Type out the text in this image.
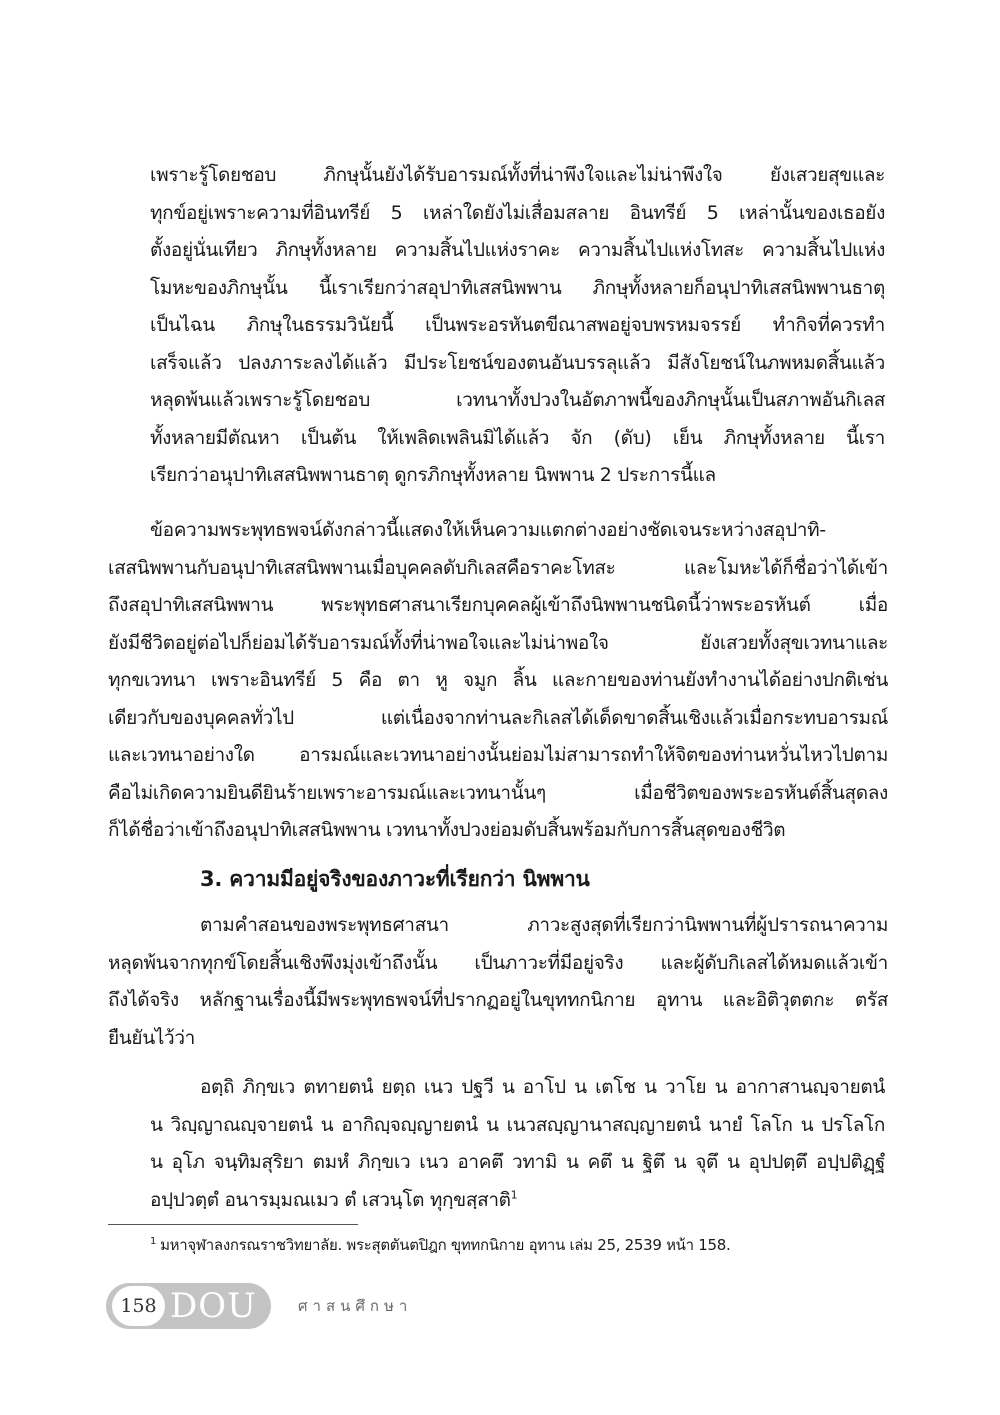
เพราะรู้โดยชอบ ภิกษุนั้นยังได้รับอารมณ์ทั้งที่น่าพึงใจและไม่น่าพึงใจ ยังเสวยสุขและ
ทุกข์อยู่เพราะความที่อินทรีย์ 5 เหล่าใดยังไม่เสื่อมสลาย อินทรีย์ 5 เหล่านั้นของเธอยัง
ตั้งอยู่นั่นเทียว ภิกษุทั้งหลาย ความสิ้นไปแห่งราคะ ความสิ้นไปแห่งโทสะ ความสิ้นไปแห่ง
โมหะของภิกษุนั้น นี้เราเรียกว่าสอุปาทิเสสนิพพาน ภิกษุทั้งหลายก็อนุปาทิเสสนิพพานธาตุ
เป็นไฉน ภิกษุในธรรมวินัยนี้ เป็นพระอรหันตขีณาสพอยู่จบพรหมจรรย์ ทำกิจที่ควรทำ
เสร็จแล้ว ปลงภาระลงได้แล้ว มีประโยชน์ของตนอันบรรลุแล้ว มีสังโยชน์ในภพหมดสิ้นแล้ว
หลุดพ้นแล้วเพราะรู้โดยชอบ เวทนาทั้งปวงในอัตภาพนี้ของภิกษุนั้นเป็นสภาพอันกิเลส
ทั้งหลายมีตัณหา เป็นต้น ให้เพลิดเพลินมิได้แล้ว จัก (ดับ) เย็น ภิกษุทั้งหลาย นี้เรา
เรียกว่าอนุปาทิเสสนิพพานธาตุ ดูกรภิกษุทั้งหลาย นิพพาน 2 ประการนี้แล
ข้อความพระพุทธพจน์ดังกล่าวนี้แสดงให้เห็นความแตกต่างอย่างชัดเจนระหว่างสอุปาทิ-
เสสนิพพานกับอนุปาทิเสสนิพพานเมื่อบุคคลดับกิเลสคือราคะโทสะ และโมหะได้ก็ชื่อว่าได้เข้า
ถึงสอุปาทิเสสนิพพาน พระพุทธศาสนาเรียกบุคคลผู้เข้าถึงนิพพานชนิดนี้ว่าพระอรหันต์ เมื่อ
ยังมีชีวิตอยู่ต่อไปก็ย่อมได้รับอารมณ์ทั้งที่น่าพอใจและไม่น่าพอใจ ยังเสวยทั้งสุขเวทนาและ
ทุกขเวทนา เพราะอินทรีย์ 5 คือ ตา หู จมูก ลิ้น และกายของท่านยังทำงานได้อย่างปกติเช่น
เดียวกับของบุคคลทั่วไป แต่เนื่องจากท่านละกิเลสได้เด็ดขาดสิ้นเชิงแล้วเมื่อกระทบอารมณ์
และเวทนาอย่างใด อารมณ์และเวทนาอย่างนั้นย่อมไม่สามารถทำให้จิตของท่านหวั่นไหวไปตาม
คือไม่เกิดความยินดียินร้ายเพราะอารมณ์และเวทนานั้นๆ เมื่อชีวิตของพระอรหันต์สิ้นสุดลง
ก็ได้ชื่อว่าเข้าถึงอนุปาทิเสสนิพพาน เวทนาทั้งปวงย่อมดับสิ้นพร้อมกับการสิ้นสุดของชีวิต
3. ความมีอยู่จริงของภาวะที่เรียกว่า นิพพาน
ตามคำสอนของพระพุทธศาสนา ภาวะสูงสุดที่เรียกว่านิพพานที่ผู้ปรารถนาความ
หลุดพ้นจากทุกข์โดยสิ้นเชิงพึงมุ่งเข้าถึงนั้น เป็นภาวะที่มีอยู่จริง และผู้ดับกิเลสได้หมดแล้วเข้า
ถึงได้จริง หลักฐานเรื่องนี้มีพระพุทธพจน์ที่ปรากฏอยู่ในขุททกนิกาย อุทาน และอิติวุตตกะ ตรัส
ยืนยันไว้ว่า
อตฺถิ ภิกฺขเว ตทายตนํ ยตฺถ เนว ปฐวี น อาโป น เตโช น วาโย น อากาสานญฺจายตนํ
น วิญฺญาณญฺจายตนํ น อากิญฺจญฺญายตนํ น เนวสญฺญานาสญฺญายตนํ นายํ โลโก น ปรโลโก
น อุโภ จนฺทิมสุริยา ตมหํ ภิกฺขเว เนว อาคตึ วทามิ น คตึ น ฐิตึ น จุตึ น อุปปตฺตึ อปฺปติฏฺฐํ
อปฺปวตฺตํ อนารมฺมณเมว ตํ เสวนฺโต ทุกฺขสฺสาติ$^1$
$^1$ มหาจุฬาลงกรณราชวิทยาลัย. พระสุตตันตปิฎก ขุททกนิกาย อุทาน เล่ม 25, 2539 หน้า 158.
158 DOU	ศาสนศึกษา
